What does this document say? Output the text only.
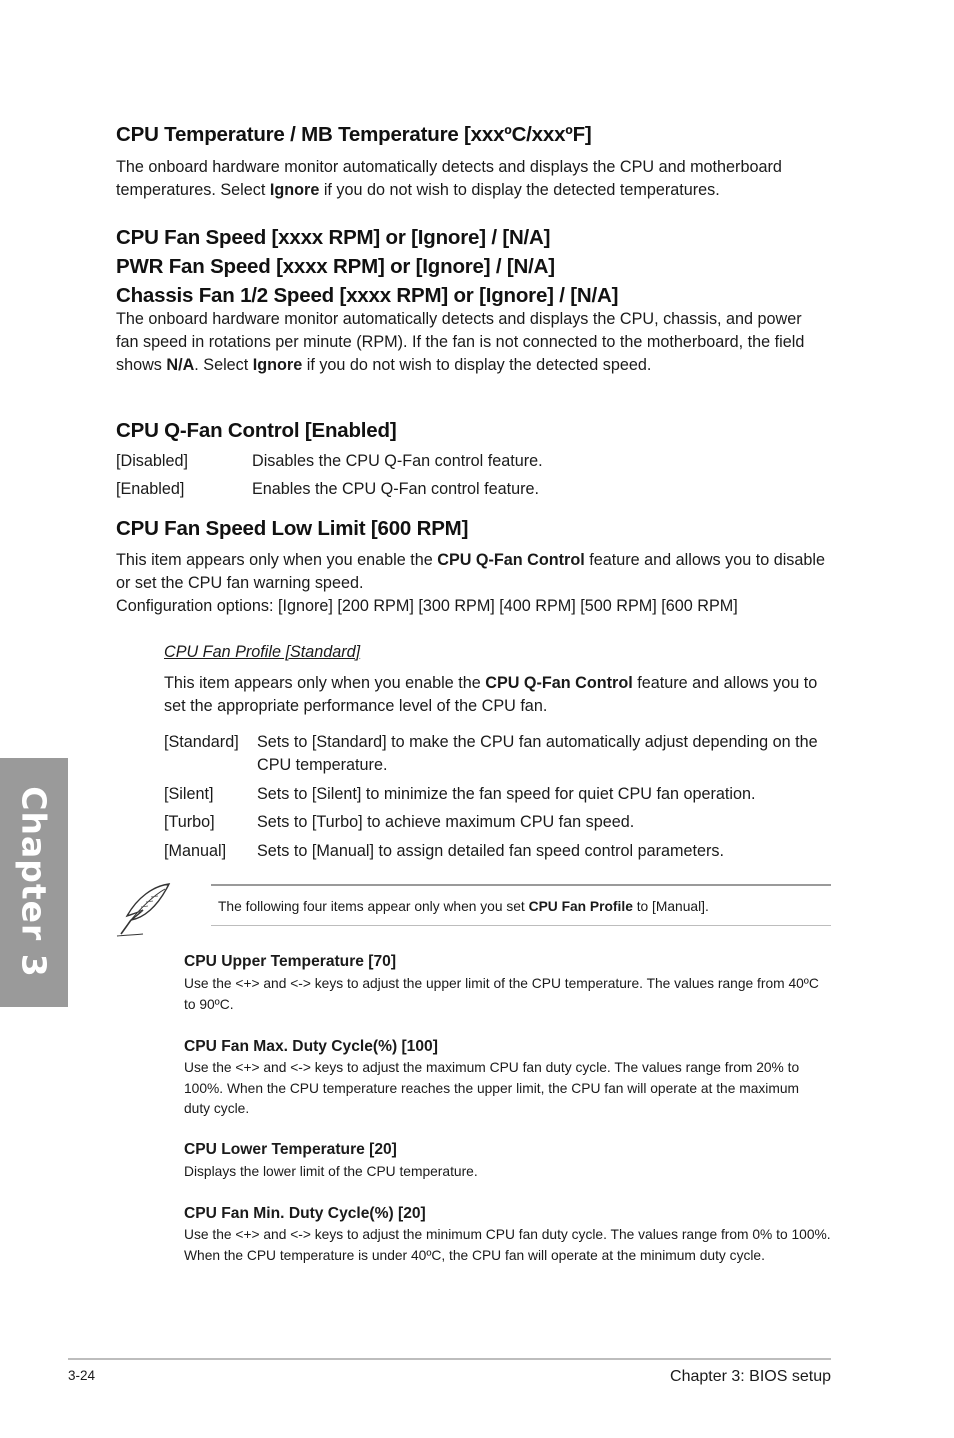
CPU Temperature / MB Temperature [xxxºC/xxxºF]

The onboard hardware monitor automatically detects and displays the CPU and motherboard temperatures. Select Ignore if you do not wish to display the detected temperatures.

CPU Fan Speed [xxxx RPM] or [Ignore] / [N/A]
PWR Fan Speed [xxxx RPM] or [Ignore] / [N/A]
Chassis Fan 1/2 Speed [xxxx RPM] or [Ignore] / [N/A]

The onboard hardware monitor automatically detects and displays the CPU, chassis, and power fan speed in rotations per minute (RPM). If the fan is not connected to the motherboard, the field shows N/A. Select Ignore if you do not wish to display the detected speed.

CPU Q-Fan Control [Enabled]
[Disabled]	Disables the CPU Q-Fan control feature.
[Enabled]	Enables the CPU Q-Fan control feature.
CPU Fan Speed Low Limit [600 RPM]

This item appears only when you enable the CPU Q-Fan Control feature and allows you to disable or set the CPU fan warning speed.

Configuration options: [Ignore] [200 RPM] [300 RPM] [400 RPM] [500 RPM] [600 RPM]

CPU Fan Profile [Standard]

This item appears only when you enable the CPU Q-Fan Control feature and allows you to set the appropriate performance level of the CPU fan.

[Standard] Sets to [Standard] to make the CPU fan automatically adjust depending on the CPU temperature.
[Silent]	Sets to [Silent] to minimize the fan speed for quiet CPU fan operation.
[Turbo]	Sets to [Turbo] to achieve maximum CPU fan speed.
[Manual] Sets to [Manual] to assign detailed fan speed control parameters.
The following four items appear only when you set CPU Fan Profile to [Manual].
CPU Upper Temperature [70]

Use the <+> and <-> keys to adjust the upper limit of the CPU temperature. The values range from 40ºC to 90ºC.

CPU Fan Max. Duty Cycle(%) [100]

Use the <+> and <-> keys to adjust the maximum CPU fan duty cycle. The values range from 20% to 100%. When the CPU temperature reaches the upper limit, the CPU fan will operate at the maximum duty cycle.

CPU Lower Temperature [20]

Displays the lower limit of the CPU temperature.

CPU Fan Min. Duty Cycle(%) [20]

Use the <+> and <-> keys to adjust the minimum CPU fan duty cycle. The values range from 0% to 100%. When the CPU temperature is under 40ºC, the CPU fan will operate at the minimum duty cycle.

Chapter 3
3-24	Chapter 3: BIOS setup
